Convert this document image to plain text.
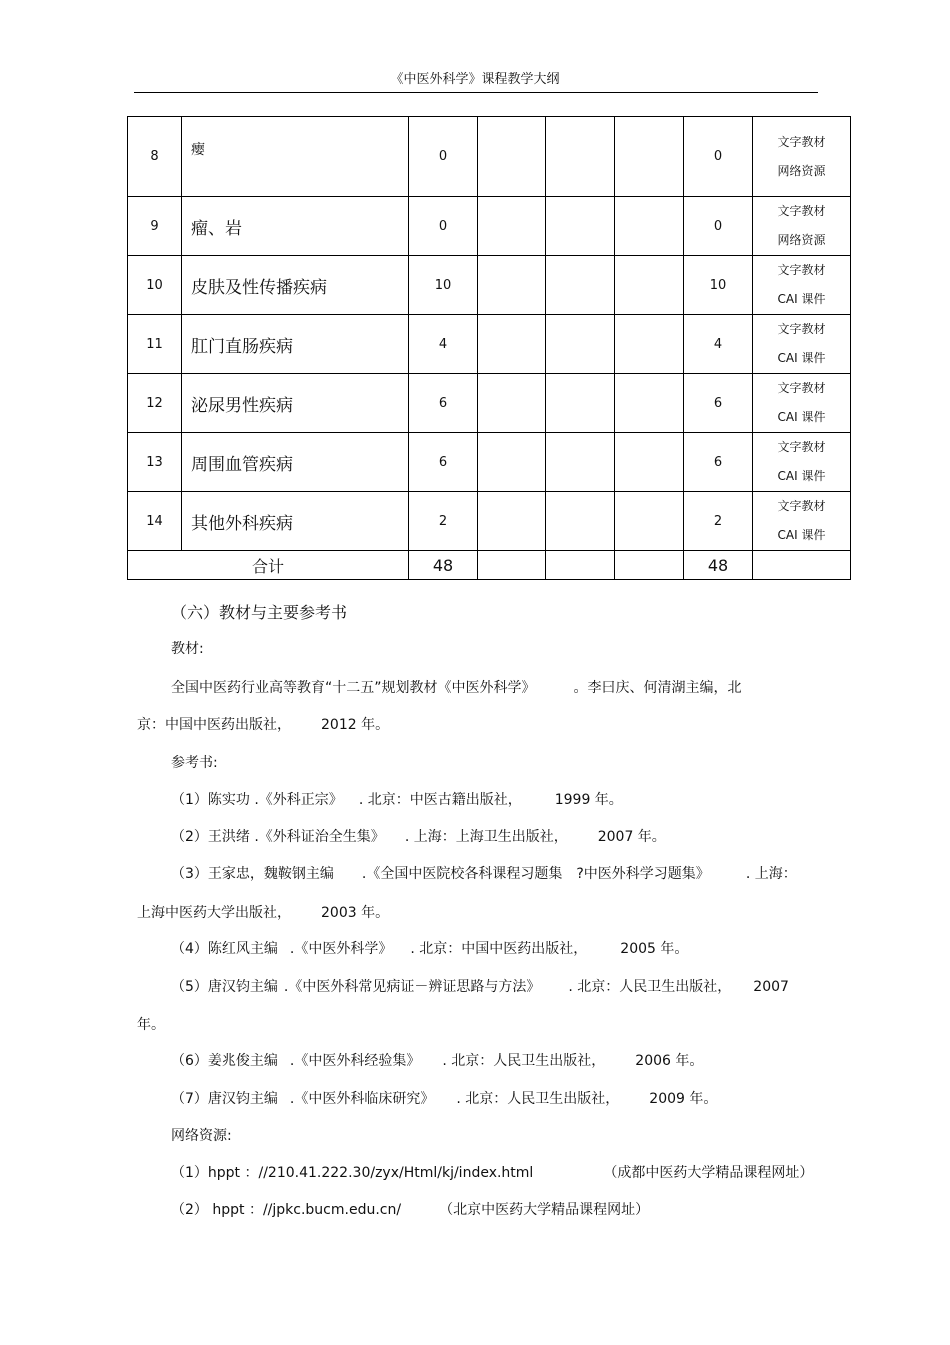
《中医外科学》课程教学大纲
8	瘿	0				0	文字教材
网络资源

9	瘤、岩	0				0	文字教材
网络资源

10	皮肤及性传播疾病	10				10	文字教材
CAI 课件

11	肛门直肠疾病	4				4	文字教材
CAI 课件

12	泌尿男性疾病	6				6	文字教材
CAI 课件

13	周围血管疾病	6				6	文字教材
CAI 课件

14	其他外科疾病	2				2	文字教材
CAI 课件

合计		48				48	
（六）教材与主要参考书
教材:
全国中医药行业高等教育“十二五”规划教材《中医外科学》	。李曰庆、何清湖主编，北
京：中国中医药出版社， 2012 年。
参考书:
（1）陈实功 .《外科正宗》 . 北京：中医古籍出版社， 1999 年。
（2）王洪绪 .《外科证治全生集》 . 上海：上海卫生出版社， 2007 年。
（3）王家忠，魏鞍钢主编 .《全国中医院校各科课程习题集 ?中医外科学习题集》	. 上海：
上海中医药大学出版社， 2003 年。
（4）陈红风主编 .《中医外科学》 . 北京：中国中医药出版社， 2005 年。
（5）唐汉钧主编 .《中医外科常见病证－辨证思路与方法》 . 北京：人民卫生出版社， 2007
年。
（6）姜兆俊主编 .《中医外科经验集》 . 北京：人民卫生出版社， 2006 年。
（7）唐汉钧主编 .《中医外科临床研究》 . 北京：人民卫生出版社， 2009 年。
网络资源:
（1）hppt ：//210.41.222.30/zyx/Html/kj/index.html	（成都中医药大学精品课程网址）
（2） hppt ：//jpkc.bucm.edu.cn/	（北京中医药大学精品课程网址）
